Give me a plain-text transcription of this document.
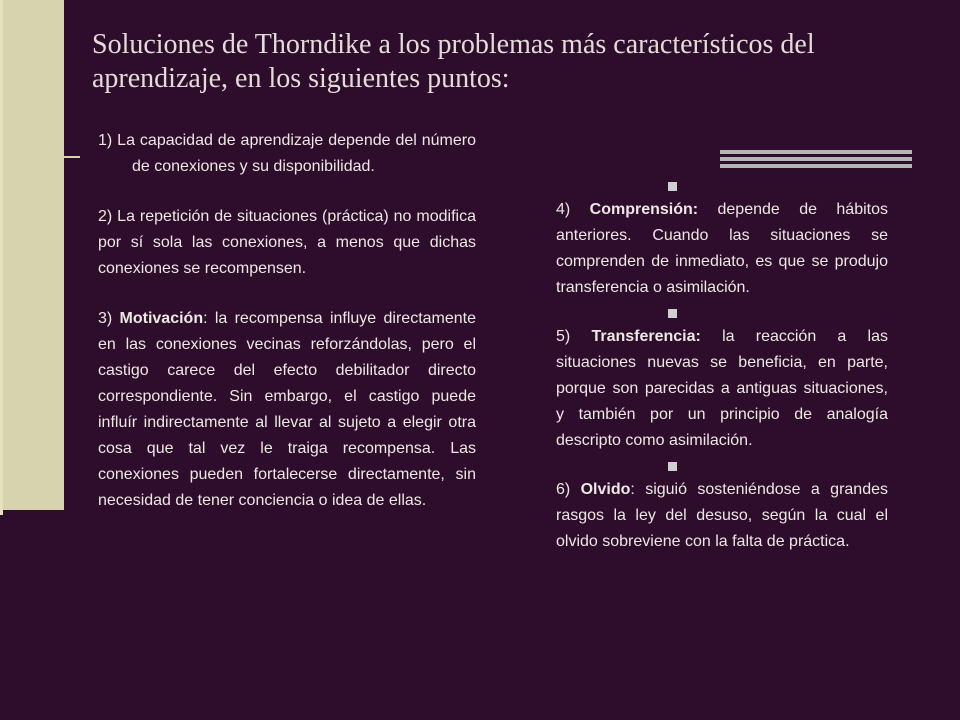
Soluciones de Thorndike a los problemas más característicos del aprendizaje, en los siguientes puntos:

1) La capacidad de aprendizaje depende del número de conexiones y su disponibilidad.

2) La repetición de situaciones (práctica) no modifica por sí sola las conexiones, a menos que dichas conexiones se recompensen.

3) Motivación: la recompensa influye directamente en las conexiones vecinas reforzándolas, pero el castigo carece del efecto debilitador directo correspondiente. Sin embargo, el castigo puede influír indirectamente al llevar al sujeto a elegir otra cosa que tal vez le traiga recompensa. Las conexiones pueden fortalecerse directamente, sin necesidad de tener conciencia o idea de ellas.

4) Comprensión: depende de hábitos anteriores. Cuando las situaciones se comprenden de inmediato, es que se produjo transferencia o asimilación.

5) Transferencia: la reacción a las situaciones nuevas se beneficia, en parte, porque son parecidas a antiguas situaciones, y también por un principio de analogía descripto como asimilación.

6) Olvido: siguió sosteniéndose a grandes rasgos la ley del desuso, según la cual el olvido sobreviene con la falta de práctica.
